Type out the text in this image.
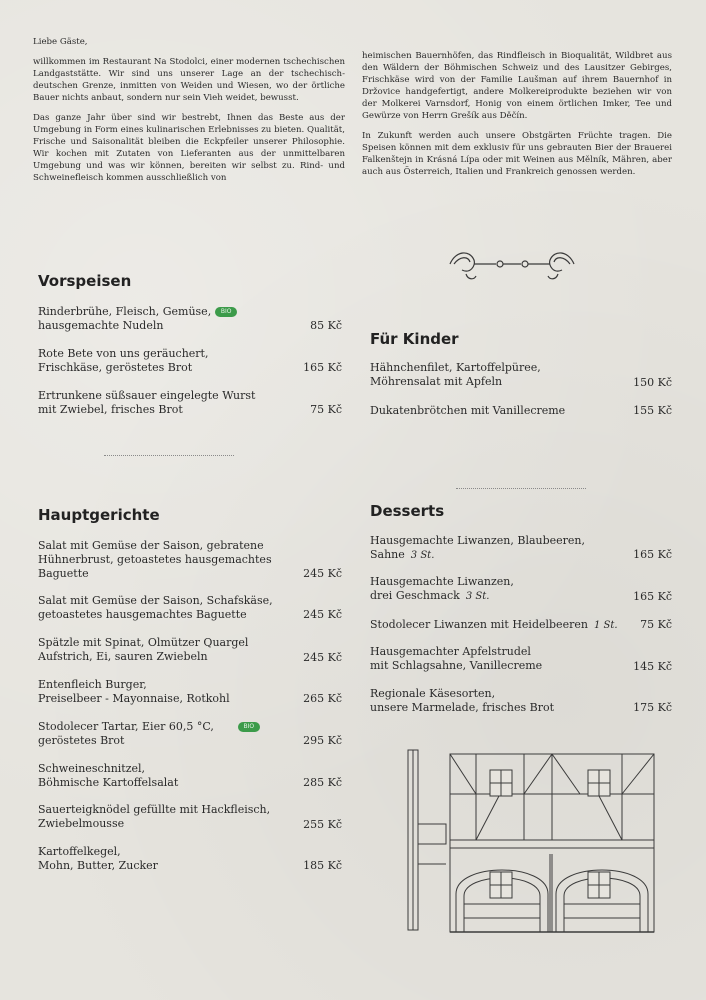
Liebe Gäste,

willkommen im Restaurant Na Stodolci, einer modernen tschechischen Landgaststätte. Wir sind uns unserer Lage an der tschechisch-deutschen Grenze, inmitten von Weiden und Wiesen, wo der örtliche Bauer nichts anbaut, sondern nur sein Vieh weidet, bewusst.

Das ganze Jahr über sind wir bestrebt, Ihnen das Beste aus der Umgebung in Form eines kulinarischen Erlebnisses zu bieten. Qualität, Frische und Saisonalität bleiben die Eckpfeiler unserer Philosophie. Wir kochen mit Zutaten von Lieferanten aus der unmittelbaren Umgebung und was wir können, bereiten wir selbst zu. Rind- und Schweinefleisch kommen ausschließlich von

heimischen Bauernhöfen, das Rindfleisch in Bioqualität, Wildbret aus den Wäldern der Böhmischen Schweiz und des Lausitzer Gebirges, Frischkäse wird von der Familie Laušman auf ihrem Bauernhof in Držovice handgefertigt, andere Molkereiprodukte beziehen wir von der Molkerei Varnsdorf, Honig von einem örtlichen Imker, Tee und Gewürze von Herrn Grešík aus Děčín.

In Zukunft werden auch unsere Obstgärten Früchte tragen. Die Speisen können mit dem exklusiv für uns gebrauten Bier der Brauerei Falkenštejn in Krásná Lípa oder mit Weinen aus Mělník, Mähren, aber auch aus Österreich, Italien und Frankreich genossen werden.

Vorspeisen
Rinderbrühe, Fleisch, Gemüse, BIO
hausgemachte Nudeln	85 Kč
Rote Bete von uns geräuchert,
Frischkäse, geröstetes Brot	165 Kč
Ertrunkene süßsauer eingelegte Wurst
mit Zwiebel, frisches Brot	75 Kč
Für Kinder
Hähnchenfilet, Kartoffelpüree,
Möhrensalat mit Apfeln	150 Kč
Dukatenbrötchen mit Vanillecreme	155 Kč
Hauptgerichte
Salat mit Gemüse der Saison, gebratene
Hühnerbrust, getoastetes hausgemachtes
Baguette	245 Kč
Salat mit Gemüse der Saison, Schafskäse,
getoastetes hausgemachtes Baguette	245 Kč
Spätzle mit Spinat, Olmützer Quargel
Aufstrich, Ei, sauren Zwiebeln	245 Kč
Entenfleich Burger,
Preiselbeer - Mayonnaise, Rotkohl	265 Kč
Stodolecer Tartar, Eier 60,5 °C,	BIO
geröstetes Brot	295 Kč
Schweineschnitzel,
Böhmische Kartoffelsalat	285 Kč
Sauerteigknödel gefüllte mit Hackfleisch,
Zwiebelmousse	255 Kč
Kartoffelkegel,
Mohn, Butter, Zucker	185 Kč
Desserts
Hausgemachte Liwanzen, Blaubeeren,
Sahne 3 St.	165 Kč
Hausgemachte Liwanzen,
drei Geschmack 3 St.	165 Kč
Stodolecer Liwanzen mit Heidelbeeren 1 St.	75 Kč
Hausgemachter Apfelstrudel
mit Schlagsahne, Vanillecreme	145 Kč
Regionale Käsesorten,
unsere Marmelade, frisches Brot	175 Kč
